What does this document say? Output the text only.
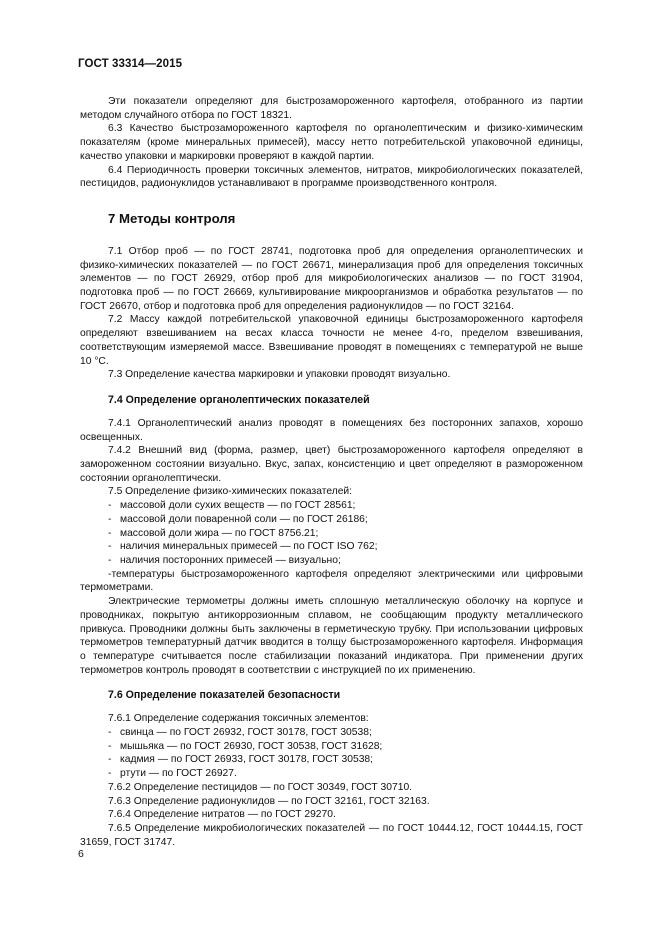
ГОСТ 33314—2015

Эти показатели определяют для быстрозамороженного картофеля, отобранного из партии методом случайного отбора по ГОСТ 18321.

6.3 Качество быстрозамороженного картофеля по органолептическим и физико-химическим показателям (кроме минеральных примесей), массу нетто потребительской упаковочной единицы, качество упаковки и маркировки проверяют в каждой партии.

6.4 Периодичность проверки токсичных элементов, нитратов, микробиологических показателей, пестицидов, радионуклидов устанавливают в программе производственного контроля.

7 Методы контроля

7.1 Отбор проб — по ГОСТ 28741, подготовка проб для определения органолептических и физико-химических показателей — по ГОСТ 26671, минерализация проб для определения токсичных элементов — по ГОСТ 26929, отбор проб для микробиологических анализов — по ГОСТ 31904, подготовка проб — по ГОСТ 26669, культивирование микроорганизмов и обработка результатов — по ГОСТ 26670, отбор и подготовка проб для определения радионуклидов — по ГОСТ 32164.

7.2 Массу каждой потребительской упаковочной единицы быстрозамороженного картофеля определяют взвешиванием на весах класса точности не менее 4-го, пределом взвешивания, соответствующим измеряемой массе. Взвешивание проводят в помещениях с температурой не выше 10 °С.

7.3 Определение качества маркировки и упаковки проводят визуально.

7.4 Определение органолептических показателей

7.4.1 Органолептический анализ проводят в помещениях без посторонних запахов, хорошо освещенных.

7.4.2 Внешний вид (форма, размер, цвет) быстрозамороженного картофеля определяют в замороженном состоянии визуально. Вкус, запах, консистенцию и цвет определяют в размороженном состоянии органолептически.

7.5 Определение физико-химических показателей:

- массовой доли сухих веществ — по ГОСТ 28561;

- массовой доли поваренной соли — по ГОСТ 26186;

- массовой доли жира — по ГОСТ 8756.21;

- наличия минеральных примесей — по ГОСТ ISO 762;

- наличия посторонних примесей — визуально;

-температуры быстрозамороженного картофеля определяют электрическими или цифровыми термометрами.

Электрические термометры должны иметь сплошную металлическую оболочку на корпусе и проводниках, покрытую антикоррозионным сплавом, не сообщающим продукту металлического привкуса. Проводники должны быть заключены в герметическую трубку. При использовании цифровых термометров температурный датчик вводится в толщу быстрозамороженного картофеля. Информация о температуре считывается после стабилизации показаний индикатора. При применении других термометров контроль проводят в соответствии с инструкцией по их применению.

7.6 Определение показателей безопасности

7.6.1 Определение содержания токсичных элементов:

- свинца — по ГОСТ 26932, ГОСТ 30178, ГОСТ 30538;

- мышьяка — по ГОСТ 26930, ГОСТ 30538, ГОСТ 31628;

- кадмия — по ГОСТ 26933, ГОСТ 30178, ГОСТ 30538;

- ртути — по ГОСТ 26927.

7.6.2 Определение пестицидов — по ГОСТ 30349, ГОСТ 30710.

7.6.3 Определение радионуклидов — по ГОСТ 32161, ГОСТ 32163.

7.6.4 Определение нитратов — по ГОСТ 29270.

7.6.5 Определение микробиологических показателей — по ГОСТ 10444.12, ГОСТ 10444.15, ГОСТ 31659, ГОСТ 31747.

6
